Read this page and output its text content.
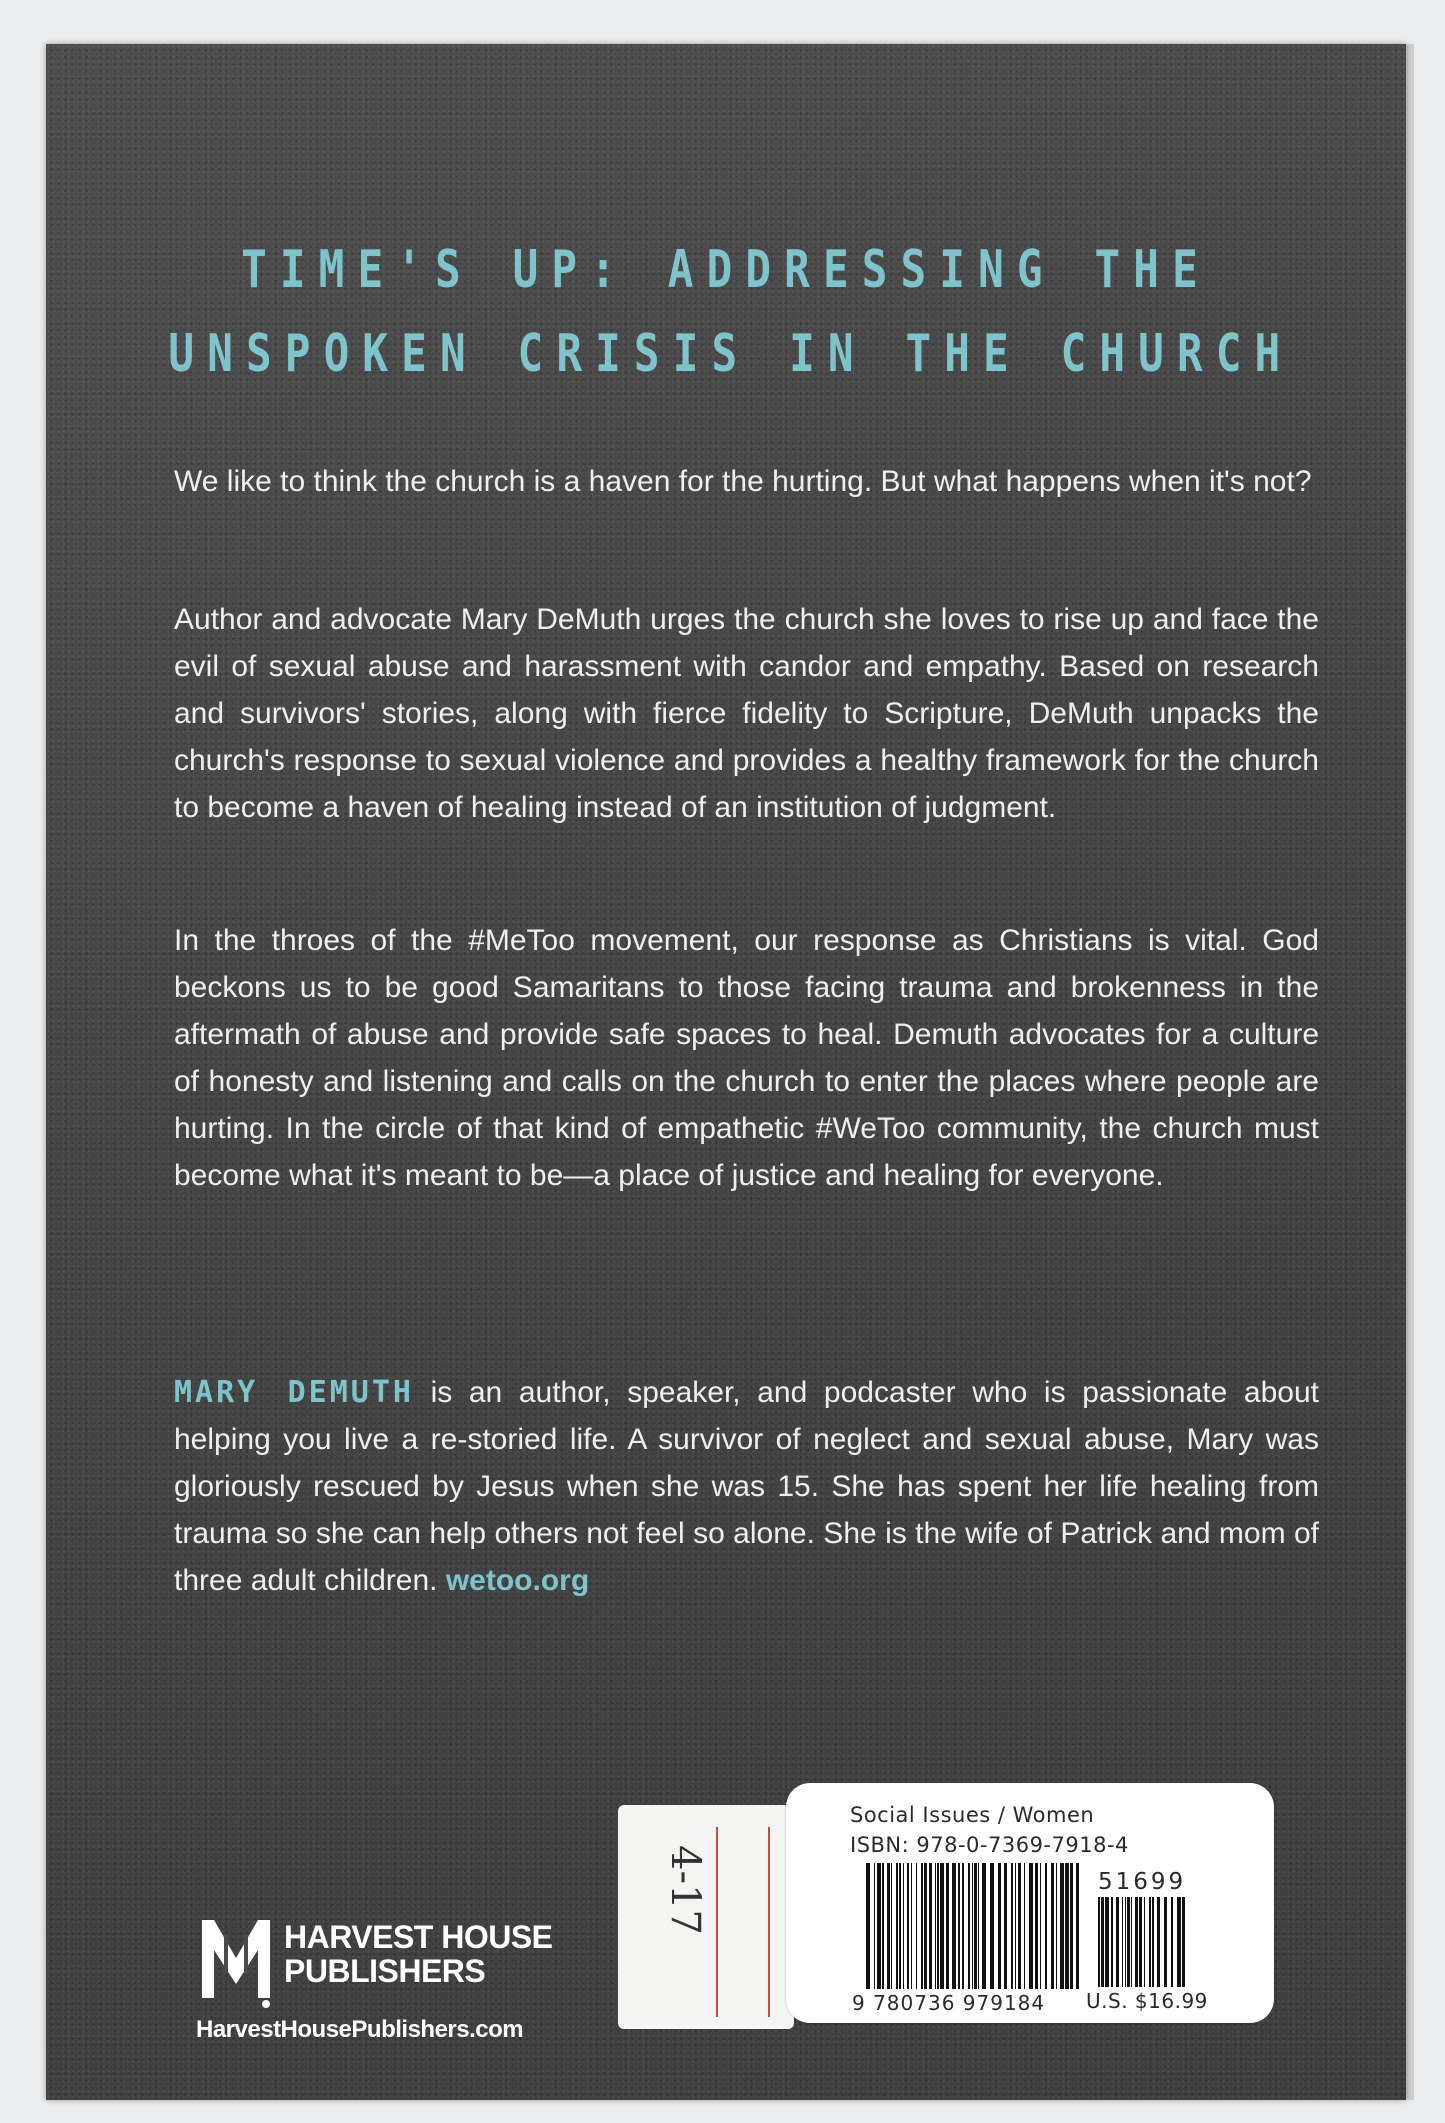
TIME'S UP: ADDRESSING THE
UNSPOKEN CRISIS IN THE CHURCH
We like to think the church is a haven for the hurting. But what happens when it's not?
Author and advocate Mary DeMuth urges the church she loves to rise up and face the evil of sexual abuse and harassment with candor and empathy. Based on research and survivors' stories, along with fierce fidelity to Scripture, DeMuth unpacks the church's response to sexual violence and provides a healthy framework for the church to become a haven of healing instead of an institution of judgment.
In the throes of the #MeToo movement, our response as Christians is vital. God beckons us to be good Samaritans to those facing trauma and brokenness in the aftermath of abuse and provide safe spaces to heal. Demuth advocates for a culture of honesty and listening and calls on the church to enter the places where people are hurting. In the circle of that kind of empathetic #WeToo community, the church must become what it's meant to be—a place of justice and healing for everyone.
MARY DEMUTH is an author, speaker, and podcaster who is passionate about helping you live a re-storied life. A survivor of neglect and sexual abuse, Mary was gloriously rescued by Jesus when she was 15. She has spent her life healing from trauma so she can help others not feel so alone. She is the wife of Patrick and mom of three adult children. wetoo.org
HARVEST HOUSE
PUBLISHERS
HarvestHousePublishers.com
4-17
Social Issues / Women
ISBN: 978-0-7369-7918-4
51699
9 780736 979184 U.S. $16.99
